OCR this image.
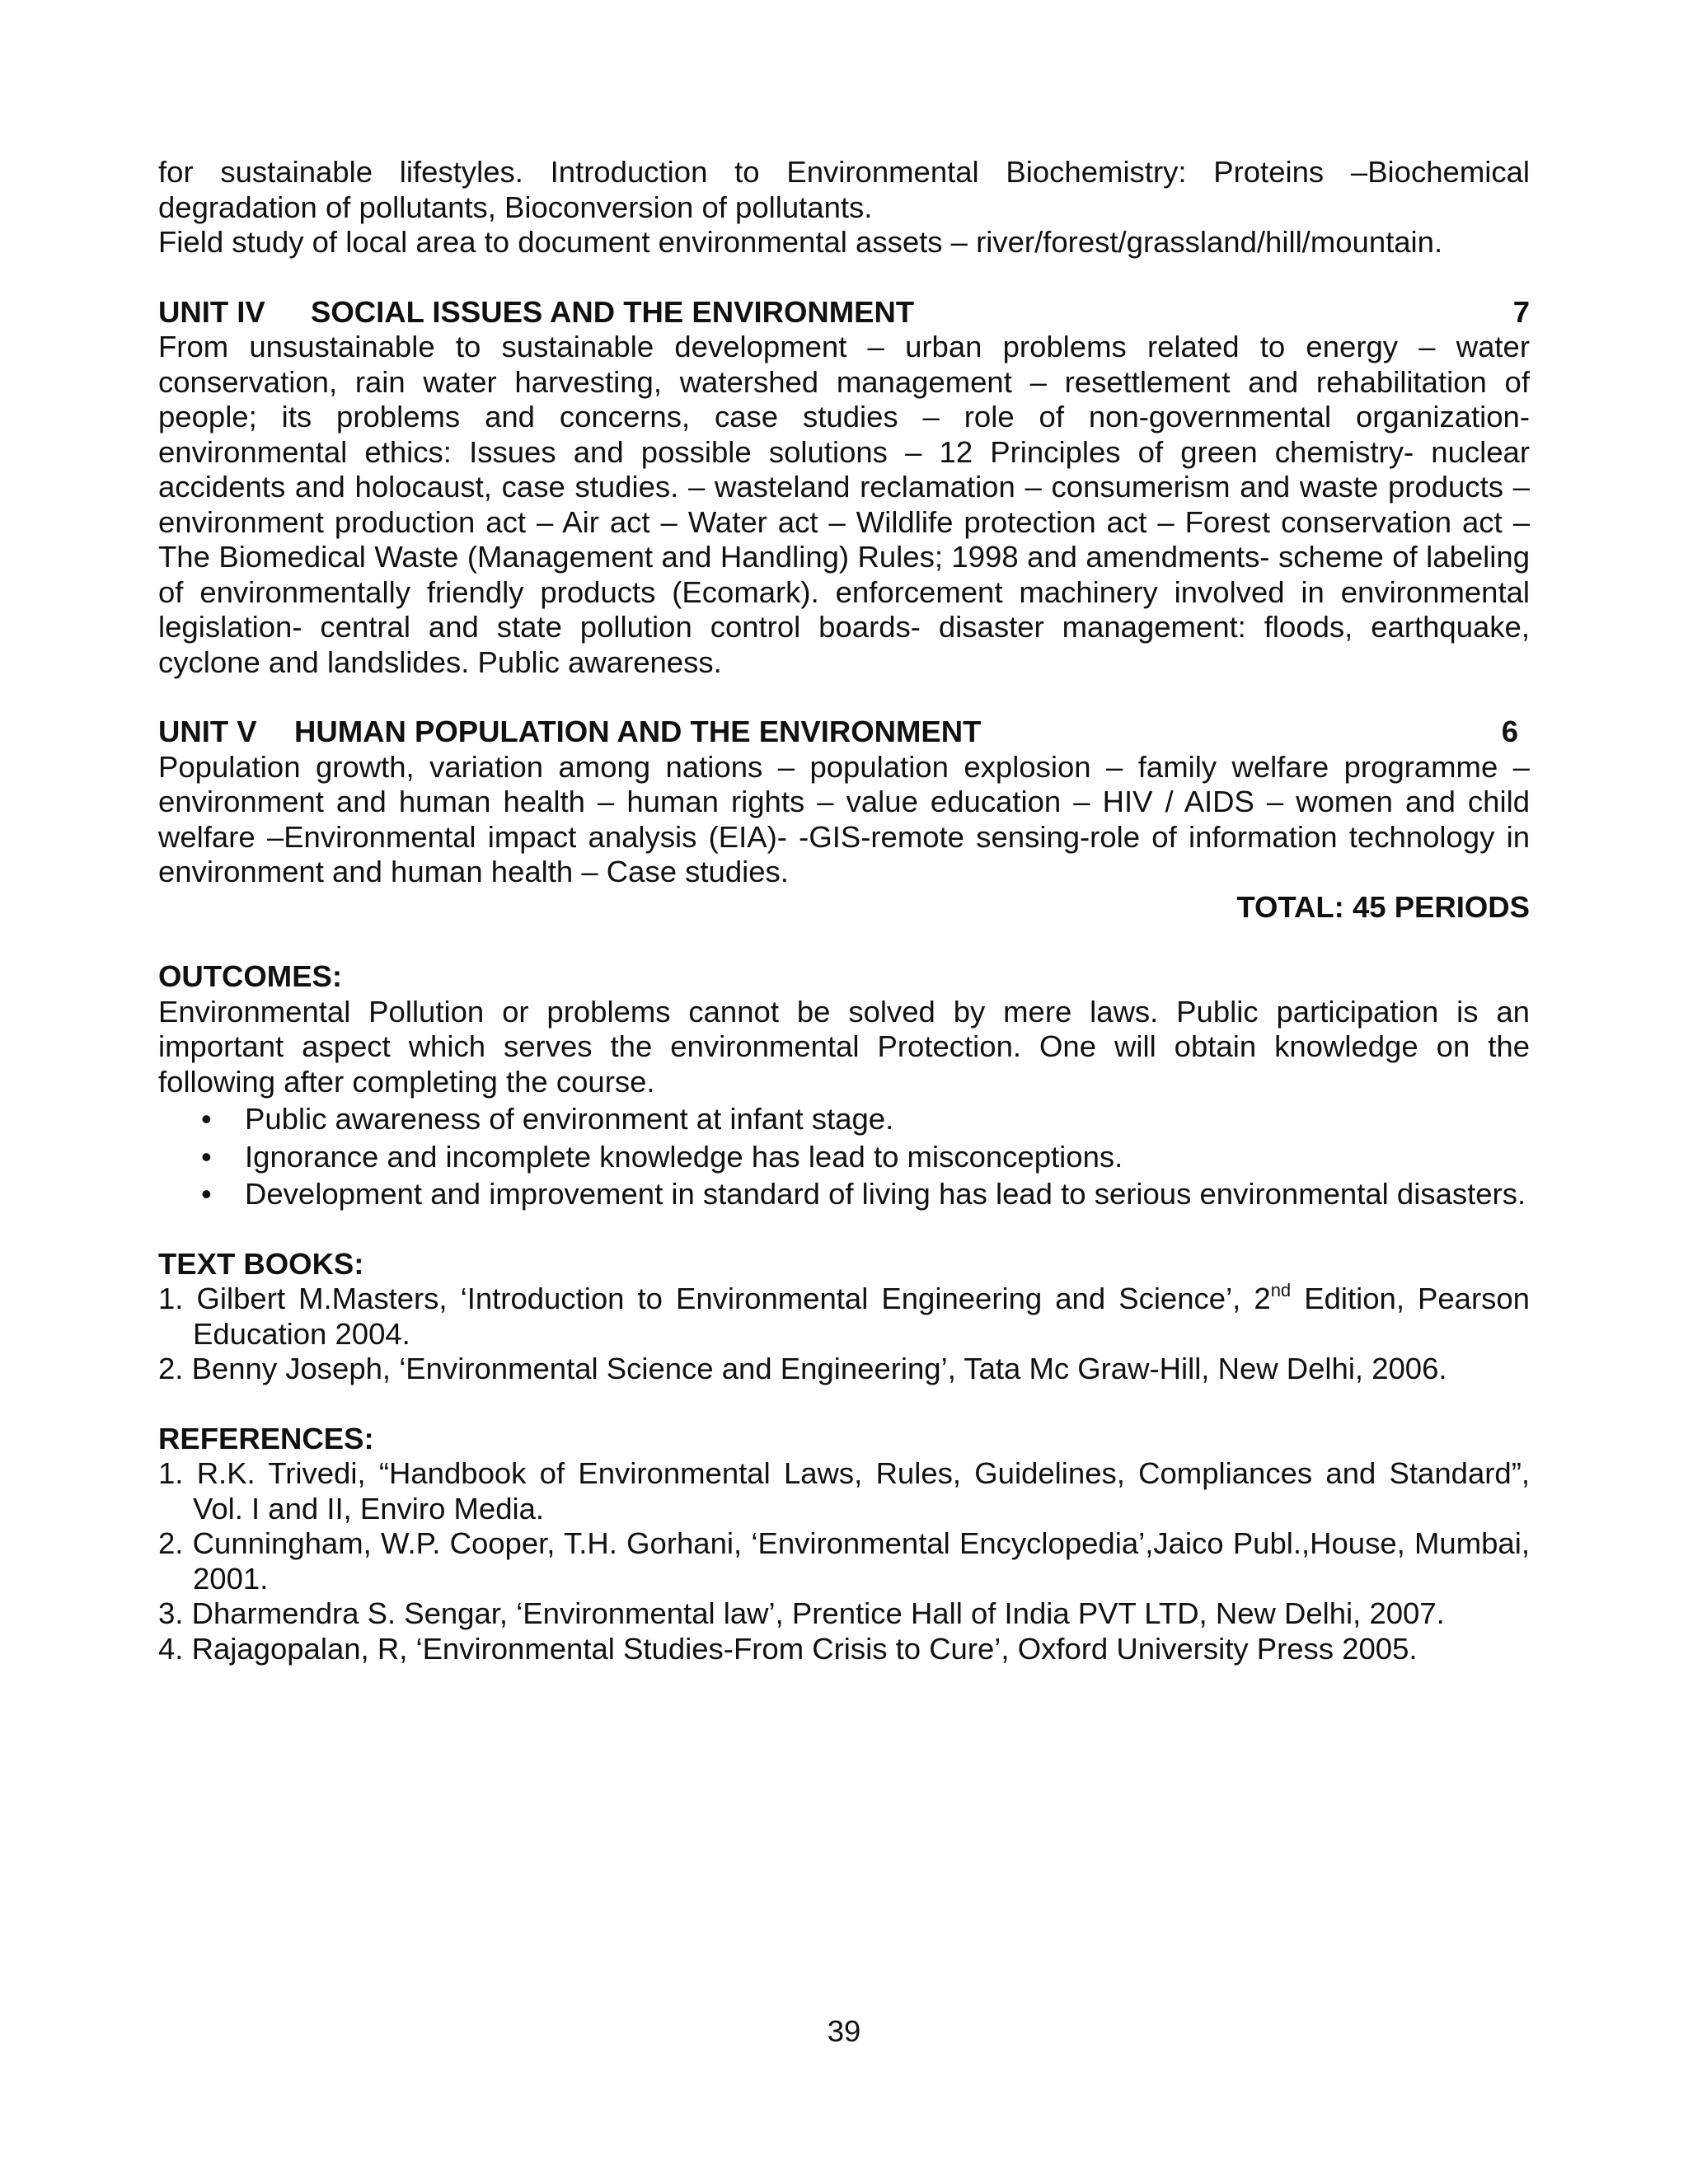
for sustainable lifestyles. Introduction to Environmental Biochemistry: Proteins –Biochemical degradation of pollutants, Bioconversion of pollutants.

Field study of local area to document environmental assets – river/forest/grassland/hill/mountain.

UNIT IV SOCIAL ISSUES AND THE ENVIRONMENT	7

From unsustainable to sustainable development – urban problems related to energy – water conservation, rain water harvesting, watershed management – resettlement and rehabilitation of people; its problems and concerns, case studies – role of non-governmental organization- environmental ethics: Issues and possible solutions – 12 Principles of green chemistry- nuclear accidents and holocaust, case studies. – wasteland reclamation – consumerism and waste products – environment production act – Air act – Water act – Wildlife protection act – Forest conservation act – The Biomedical Waste (Management and Handling) Rules; 1998 and amendments- scheme of labeling of environmentally friendly products (Ecomark). enforcement machinery involved in environmental legislation- central and state pollution control boards- disaster management: floods, earthquake, cyclone and landslides. Public awareness.

UNIT V HUMAN POPULATION AND THE ENVIRONMENT	6

Population growth, variation among nations – population explosion – family welfare programme – environment and human health – human rights – value education – HIV / AIDS – women and child welfare –Environmental impact analysis (EIA)- -GIS-remote sensing-role of information technology in environment and human health – Case studies.

TOTAL: 45 PERIODS

OUTCOMES:

Environmental Pollution or problems cannot be solved by mere laws. Public participation is an important aspect which serves the environmental Protection. One will obtain knowledge on the following after completing the course.

• Public awareness of environment at infant stage.
• Ignorance and incomplete knowledge has lead to misconceptions.
• Development and improvement in standard of living has lead to serious environmental disasters.

TEXT BOOKS:

1. Gilbert M.Masters, ‘Introduction to Environmental Engineering and Science’, 2nd Edition, Pearson Education 2004.
2. Benny Joseph, ‘Environmental Science and Engineering’, Tata Mc Graw-Hill, New Delhi, 2006.

REFERENCES:

1. R.K. Trivedi, “Handbook of Environmental Laws, Rules, Guidelines, Compliances and Standard”, Vol. I and II, Enviro Media.
2. Cunningham, W.P. Cooper, T.H. Gorhani, ‘Environmental Encyclopedia’,Jaico Publ.,House, Mumbai, 2001.
3. Dharmendra S. Sengar, ‘Environmental law’, Prentice Hall of India PVT LTD, New Delhi, 2007.
4. Rajagopalan, R, ‘Environmental Studies-From Crisis to Cure’, Oxford University Press 2005.
39
